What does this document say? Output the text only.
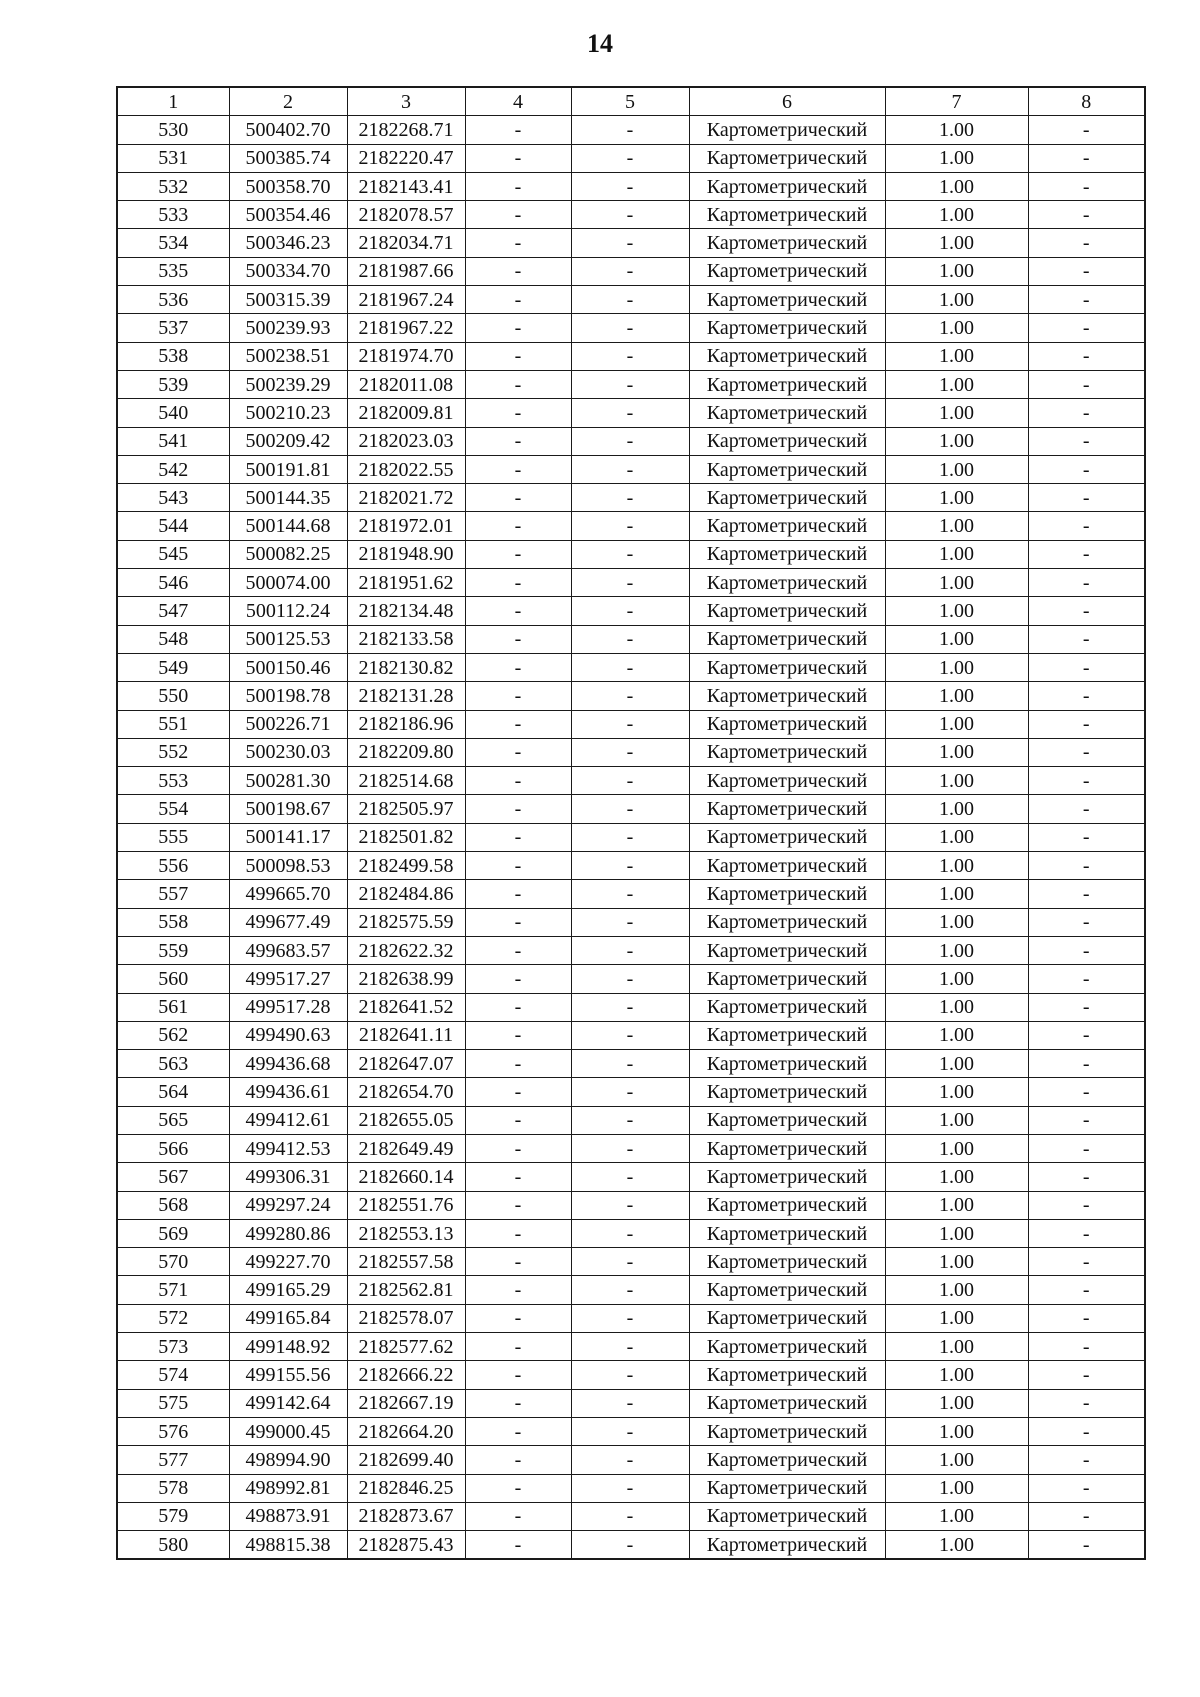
14
1	2	3	4	5	6	7	8
530	500402.70	2182268.71	-	-	Картометрический	1.00	-
531	500385.74	2182220.47	-	-	Картометрический	1.00	-
532	500358.70	2182143.41	-	-	Картометрический	1.00	-
533	500354.46	2182078.57	-	-	Картометрический	1.00	-
534	500346.23	2182034.71	-	-	Картометрический	1.00	-
535	500334.70	2181987.66	-	-	Картометрический	1.00	-
536	500315.39	2181967.24	-	-	Картометрический	1.00	-
537	500239.93	2181967.22	-	-	Картометрический	1.00	-
538	500238.51	2181974.70	-	-	Картометрический	1.00	-
539	500239.29	2182011.08	-	-	Картометрический	1.00	-
540	500210.23	2182009.81	-	-	Картометрический	1.00	-
541	500209.42	2182023.03	-	-	Картометрический	1.00	-
542	500191.81	2182022.55	-	-	Картометрический	1.00	-
543	500144.35	2182021.72	-	-	Картометрический	1.00	-
544	500144.68	2181972.01	-	-	Картометрический	1.00	-
545	500082.25	2181948.90	-	-	Картометрический	1.00	-
546	500074.00	2181951.62	-	-	Картометрический	1.00	-
547	500112.24	2182134.48	-	-	Картометрический	1.00	-
548	500125.53	2182133.58	-	-	Картометрический	1.00	-
549	500150.46	2182130.82	-	-	Картометрический	1.00	-
550	500198.78	2182131.28	-	-	Картометрический	1.00	-
551	500226.71	2182186.96	-	-	Картометрический	1.00	-
552	500230.03	2182209.80	-	-	Картометрический	1.00	-
553	500281.30	2182514.68	-	-	Картометрический	1.00	-
554	500198.67	2182505.97	-	-	Картометрический	1.00	-
555	500141.17	2182501.82	-	-	Картометрический	1.00	-
556	500098.53	2182499.58	-	-	Картометрический	1.00	-
557	499665.70	2182484.86	-	-	Картометрический	1.00	-
558	499677.49	2182575.59	-	-	Картометрический	1.00	-
559	499683.57	2182622.32	-	-	Картометрический	1.00	-
560	499517.27	2182638.99	-	-	Картометрический	1.00	-
561	499517.28	2182641.52	-	-	Картометрический	1.00	-
562	499490.63	2182641.11	-	-	Картометрический	1.00	-
563	499436.68	2182647.07	-	-	Картометрический	1.00	-
564	499436.61	2182654.70	-	-	Картометрический	1.00	-
565	499412.61	2182655.05	-	-	Картометрический	1.00	-
566	499412.53	2182649.49	-	-	Картометрический	1.00	-
567	499306.31	2182660.14	-	-	Картометрический	1.00	-
568	499297.24	2182551.76	-	-	Картометрический	1.00	-
569	499280.86	2182553.13	-	-	Картометрический	1.00	-
570	499227.70	2182557.58	-	-	Картометрический	1.00	-
571	499165.29	2182562.81	-	-	Картометрический	1.00	-
572	499165.84	2182578.07	-	-	Картометрический	1.00	-
573	499148.92	2182577.62	-	-	Картометрический	1.00	-
574	499155.56	2182666.22	-	-	Картометрический	1.00	-
575	499142.64	2182667.19	-	-	Картометрический	1.00	-
576	499000.45	2182664.20	-	-	Картометрический	1.00	-
577	498994.90	2182699.40	-	-	Картометрический	1.00	-
578	498992.81	2182846.25	-	-	Картометрический	1.00	-
579	498873.91	2182873.67	-	-	Картометрический	1.00	-
580	498815.38	2182875.43	-	-	Картометрический	1.00	-
